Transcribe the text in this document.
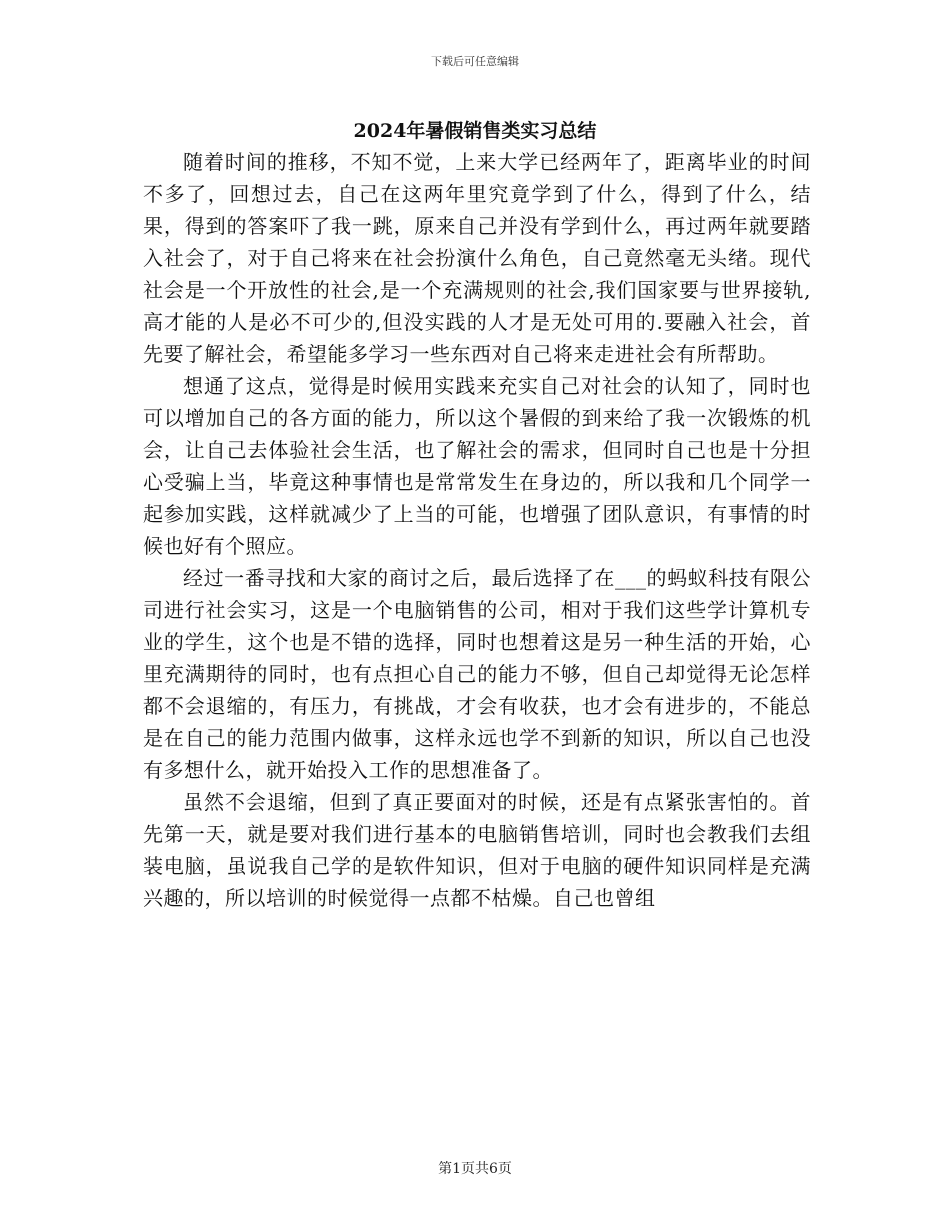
下载后可任意编辑
2024年暑假销售类实习总结

随着时间的推移，不知不觉，上来大学已经两年了，距离毕业的时间不多了，回想过去，自己在这两年里究竟学到了什么，得到了什么，结果，得到的答案吓了我一跳，原来自己并没有学到什么，再过两年就要踏入社会了，对于自己将来在社会扮演什么角色，自己竟然毫无头绪。现代社会是一个开放性的社会,是一个充满规则的社会,我们国家要与世界接轨,高才能的人是必不可少的,但没实践的人才是无处可用的.要融入社会，首先要了解社会，希望能多学习一些东西对自己将来走进社会有所帮助。

想通了这点，觉得是时候用实践来充实自己对社会的认知了，同时也可以增加自己的各方面的能力，所以这个暑假的到来给了我一次锻炼的机会，让自己去体验社会生活，也了解社会的需求，但同时自己也是十分担心受骗上当，毕竟这种事情也是常常发生在身边的，所以我和几个同学一起参加实践，这样就减少了上当的可能，也增强了团队意识，有事情的时候也好有个照应。

经过一番寻找和大家的商讨之后，最后选择了在___的蚂蚁科技有限公司进行社会实习，这是一个电脑销售的公司，相对于我们这些学计算机专业的学生，这个也是不错的选择，同时也想着这是另一种生活的开始，心里充满期待的同时，也有点担心自己的能力不够，但自己却觉得无论怎样都不会退缩的，有压力，有挑战，才会有收获，也才会有进步的，不能总是在自己的能力范围内做事，这样永远也学不到新的知识，所以自己也没有多想什么，就开始投入工作的思想准备了。

虽然不会退缩，但到了真正要面对的时候，还是有点紧张害怕的。首先第一天，就是要对我们进行基本的电脑销售培训，同时也会教我们去组装电脑，虽说我自己学的是软件知识，但对于电脑的硬件知识同样是充满兴趣的，所以培训的时候觉得一点都不枯燥。自己也曾组

第1页共6页
